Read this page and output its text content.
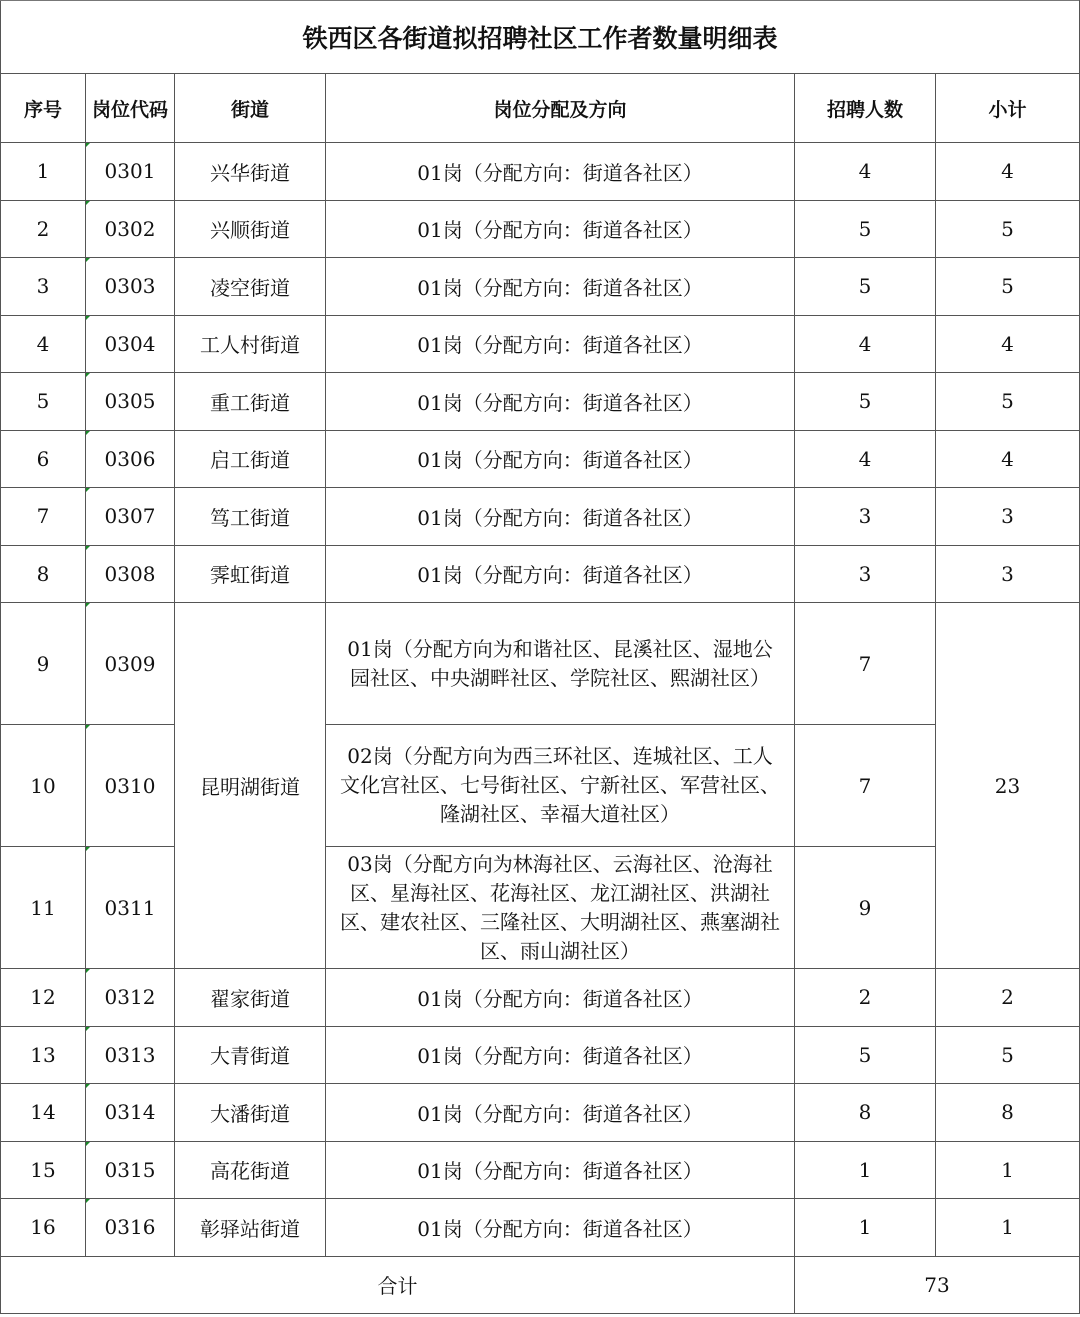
铁西区各街道拟招聘社区工作者数量明细表					
序号	岗位代码	街道	岗位分配及方向	招聘人数	小计
1	0301	兴华街道	01岗（分配方向：街道各社区）	4	4
2	0302	兴顺街道	01岗（分配方向：街道各社区）	5	5
3	0303	凌空街道	01岗（分配方向：街道各社区）	5	5
4	0304	工人村街道	01岗（分配方向：街道各社区）	4	4
5	0305	重工街道	01岗（分配方向：街道各社区）	5	5
6	0306	启工街道	01岗（分配方向：街道各社区）	4	4
7	0307	笃工街道	01岗（分配方向：街道各社区）	3	3
8	0308	霁虹街道	01岗（分配方向：街道各社区）	3	3
9	0309	昆明湖街道	01岗（分配方向为和谐社区、昆溪社区、湿地公园社区、中央湖畔社区、学院社区、熙湖社区）	7	23
10	0310		02岗（分配方向为西三环社区、连城社区、工人文化宫社区、七号街社区、宁新社区、军营社区、隆湖社区、幸福大道社区）	7	
11	0311		03岗（分配方向为林海社区、云海社区、沧海社区、星海社区、花海社区、龙江湖社区、洪湖社区、建农社区、三隆社区、大明湖社区、燕塞湖社区、雨山湖社区）	9	
12	0312	翟家街道	01岗（分配方向：街道各社区）	2	2
13	0313	大青街道	01岗（分配方向：街道各社区）	5	5
14	0314	大潘街道	01岗（分配方向：街道各社区）	8	8
15	0315	高花街道	01岗（分配方向：街道各社区）	1	1
16	0316	彰驿站街道	01岗（分配方向：街道各社区）	1	1
合计				73	
